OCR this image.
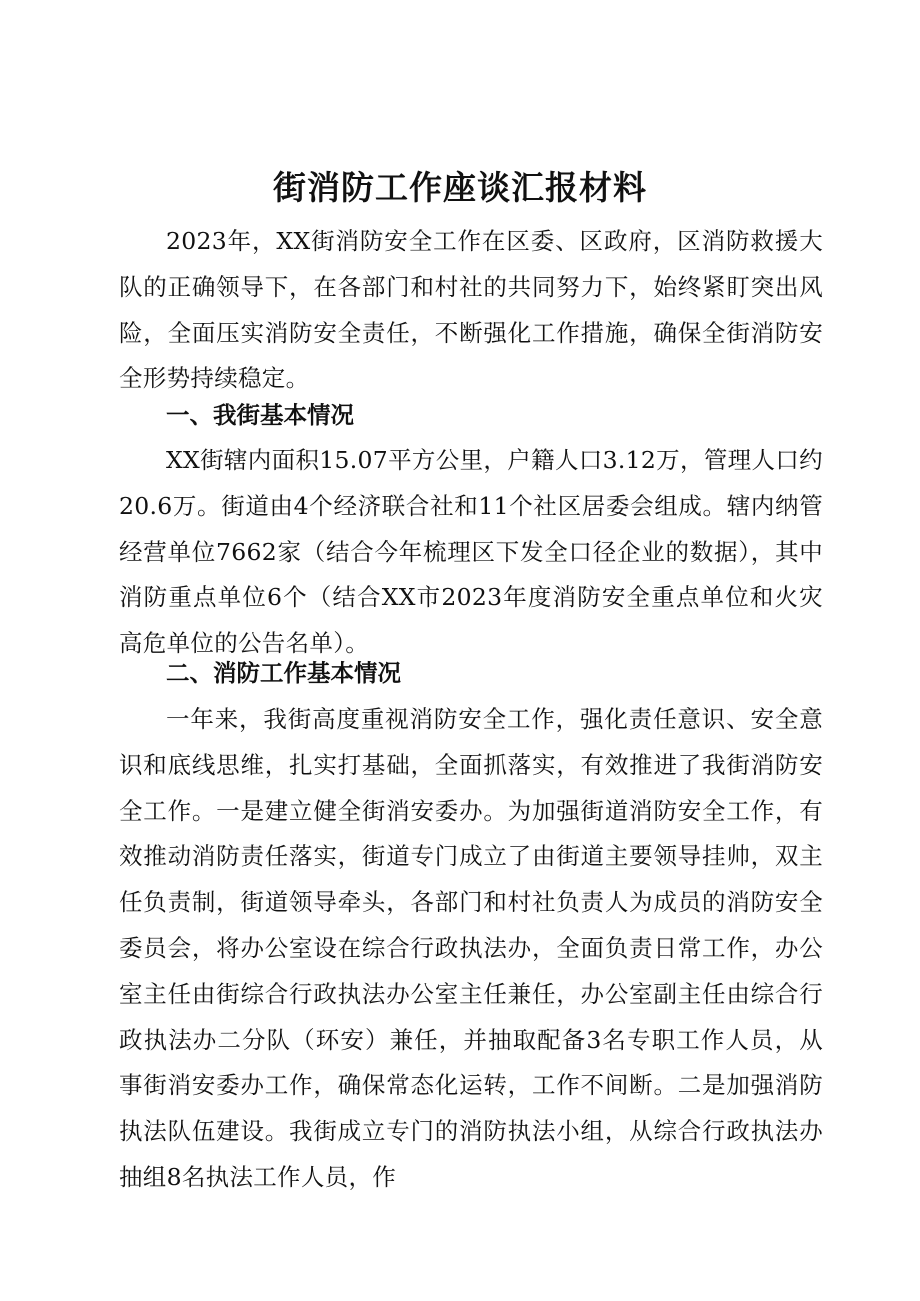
街消防工作座谈汇报材料

2023年，XX街消防安全工作在区委、区政府，区消防救援大队的正确领导下，在各部门和村社的共同努力下，始终紧盯突出风险，全面压实消防安全责任，不断强化工作措施，确保全街消防安全形势持续稳定。

一、我街基本情况

XX街辖内面积15.07平方公里，户籍人口3.12万，管理人口约20.6万。街道由4个经济联合社和11个社区居委会组成。辖内纳管经营单位7662家（结合今年梳理区下发全口径企业的数据），其中消防重点单位6个（结合XX市2023年度消防安全重点单位和火灾高危单位的公告名单）。

二、消防工作基本情况

一年来，我街高度重视消防安全工作，强化责任意识、安全意识和底线思维，扎实打基础，全面抓落实，有效推进了我街消防安全工作。一是建立健全街消安委办。为加强街道消防安全工作，有效推动消防责任落实，街道专门成立了由街道主要领导挂帅，双主任负责制，街道领导牵头，各部门和村社负责人为成员的消防安全委员会，将办公室设在综合行政执法办，全面负责日常工作，办公室主任由街综合行政执法办公室主任兼任，办公室副主任由综合行政执法办二分队（环安）兼任，并抽取配备3名专职工作人员，从事街消安委办工作，确保常态化运转，工作不间断。二是加强消防执法队伍建设。我街成立专门的消防执法小组，从综合行政执法办抽组8名执法工作人员，作
